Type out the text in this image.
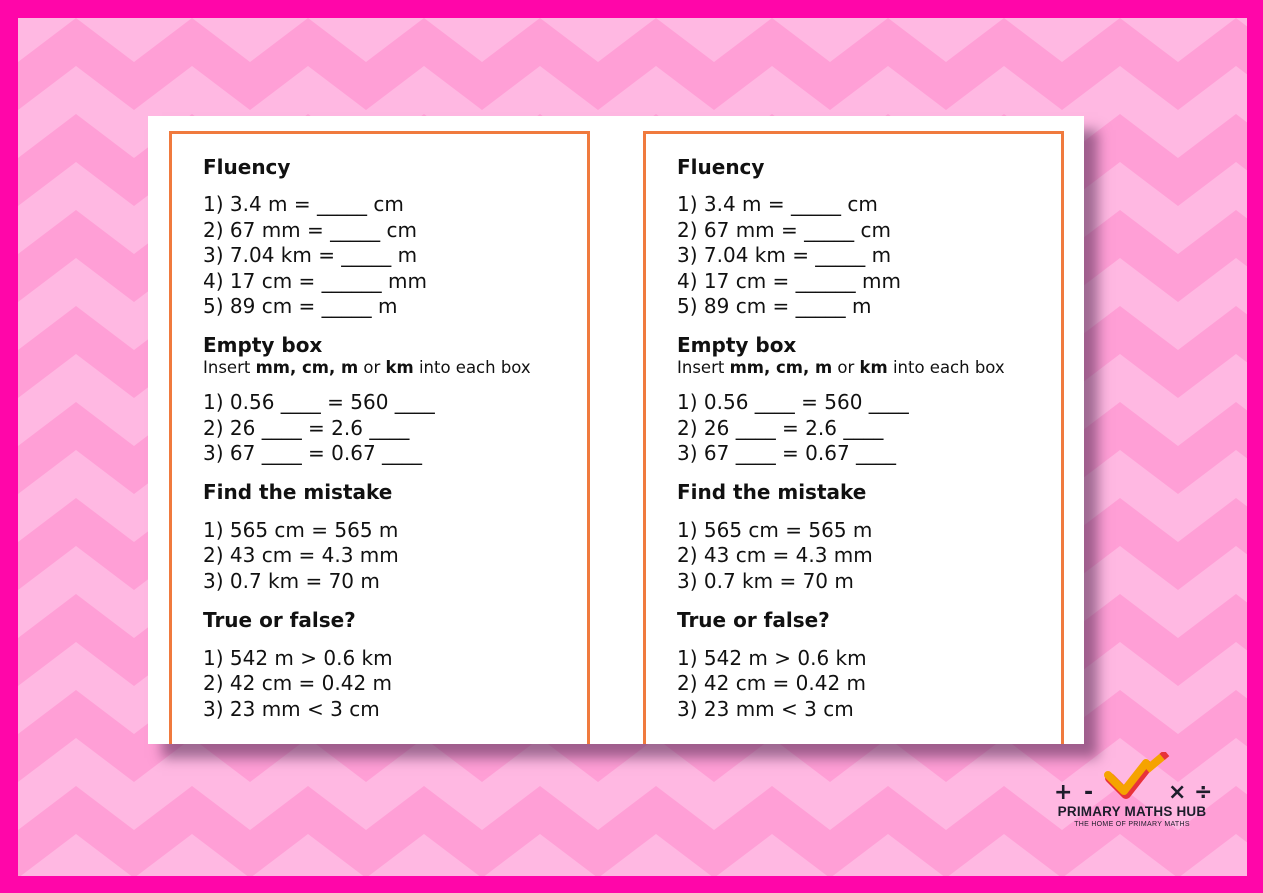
Fluency
1) 3.4 m = _____ cm
2) 67 mm = _____ cm
3) 7.04 km = _____ m
4) 17 cm = ______ mm
5) 89 cm = _____ m
Empty box
Insert mm, cm, m or km into each box
1) 0.56 ____ = 560 ____
2) 26 ____ = 2.6 ____
3) 67 ____ = 0.67 ____
Find the mistake
1) 565 cm = 565 m
2) 43 cm = 4.3 mm
3) 0.7 km = 70 m
True or false?
1) 542 m > 0.6 km
2) 42 cm = 0.42 m
3) 23 mm < 3 cm
Fluency
1) 3.4 m = _____ cm
2) 67 mm = _____ cm
3) 7.04 km = _____ m
4) 17 cm = ______ mm
5) 89 cm = _____ m
Empty box
Insert mm, cm, m or km into each box
1) 0.56 ____ = 560 ____
2) 26 ____ = 2.6 ____
3) 67 ____ = 0.67 ____
Find the mistake
1) 565 cm = 565 m
2) 43 cm = 4.3 mm
3) 0.7 km = 70 m
True or false?
1) 542 m > 0.6 km
2) 42 cm = 0.42 m
3) 23 mm < 3 cm
+ -	× ÷
PRIMARY MATHS HUB
THE HOME OF PRIMARY MATHS
